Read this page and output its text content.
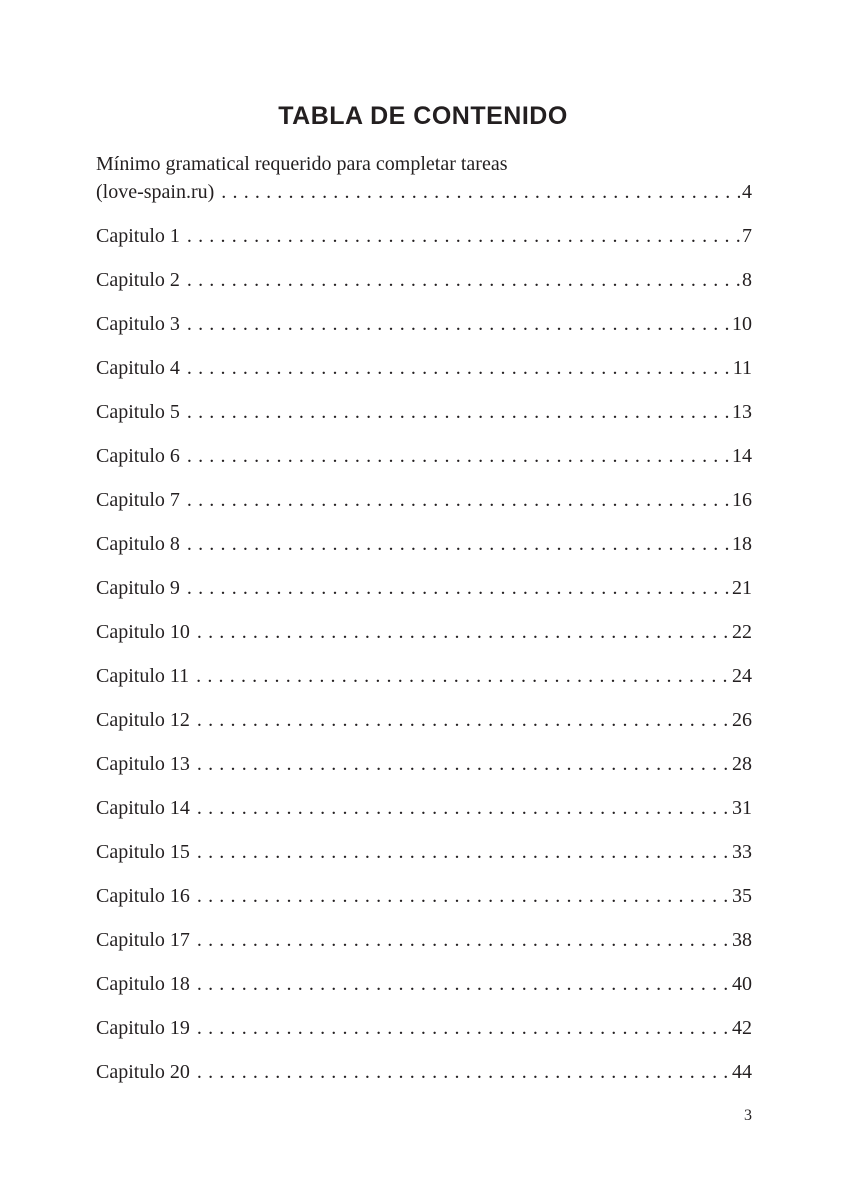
TABLA DE CONTENIDO
Mínimo gramatical requerido para completar tareas
(love-spain.ru) . . .	4
Capitulo 1 . . .	7
Capitulo 2 . . .	8
Capitulo 3 . . .	10
Capitulo 4 . . .	11
Capitulo 5 . . .	13
Capitulo 6 . . .	14
Capitulo 7 . . .	16
Capitulo 8 . . .	18
Capitulo 9 . . .	21
Capitulo 10 . . .	22
Capitulo 11 . . .	24
Capitulo 12 . . .	26
Capitulo 13 . . .	28
Capitulo 14 . . .	31
Capitulo 15 . . .	33
Capitulo 16 . . .	35
Capitulo 17 . . .	38
Capitulo 18 . . .	40
Capitulo 19 . . .	42
Capitulo 20 . . .	44
3
